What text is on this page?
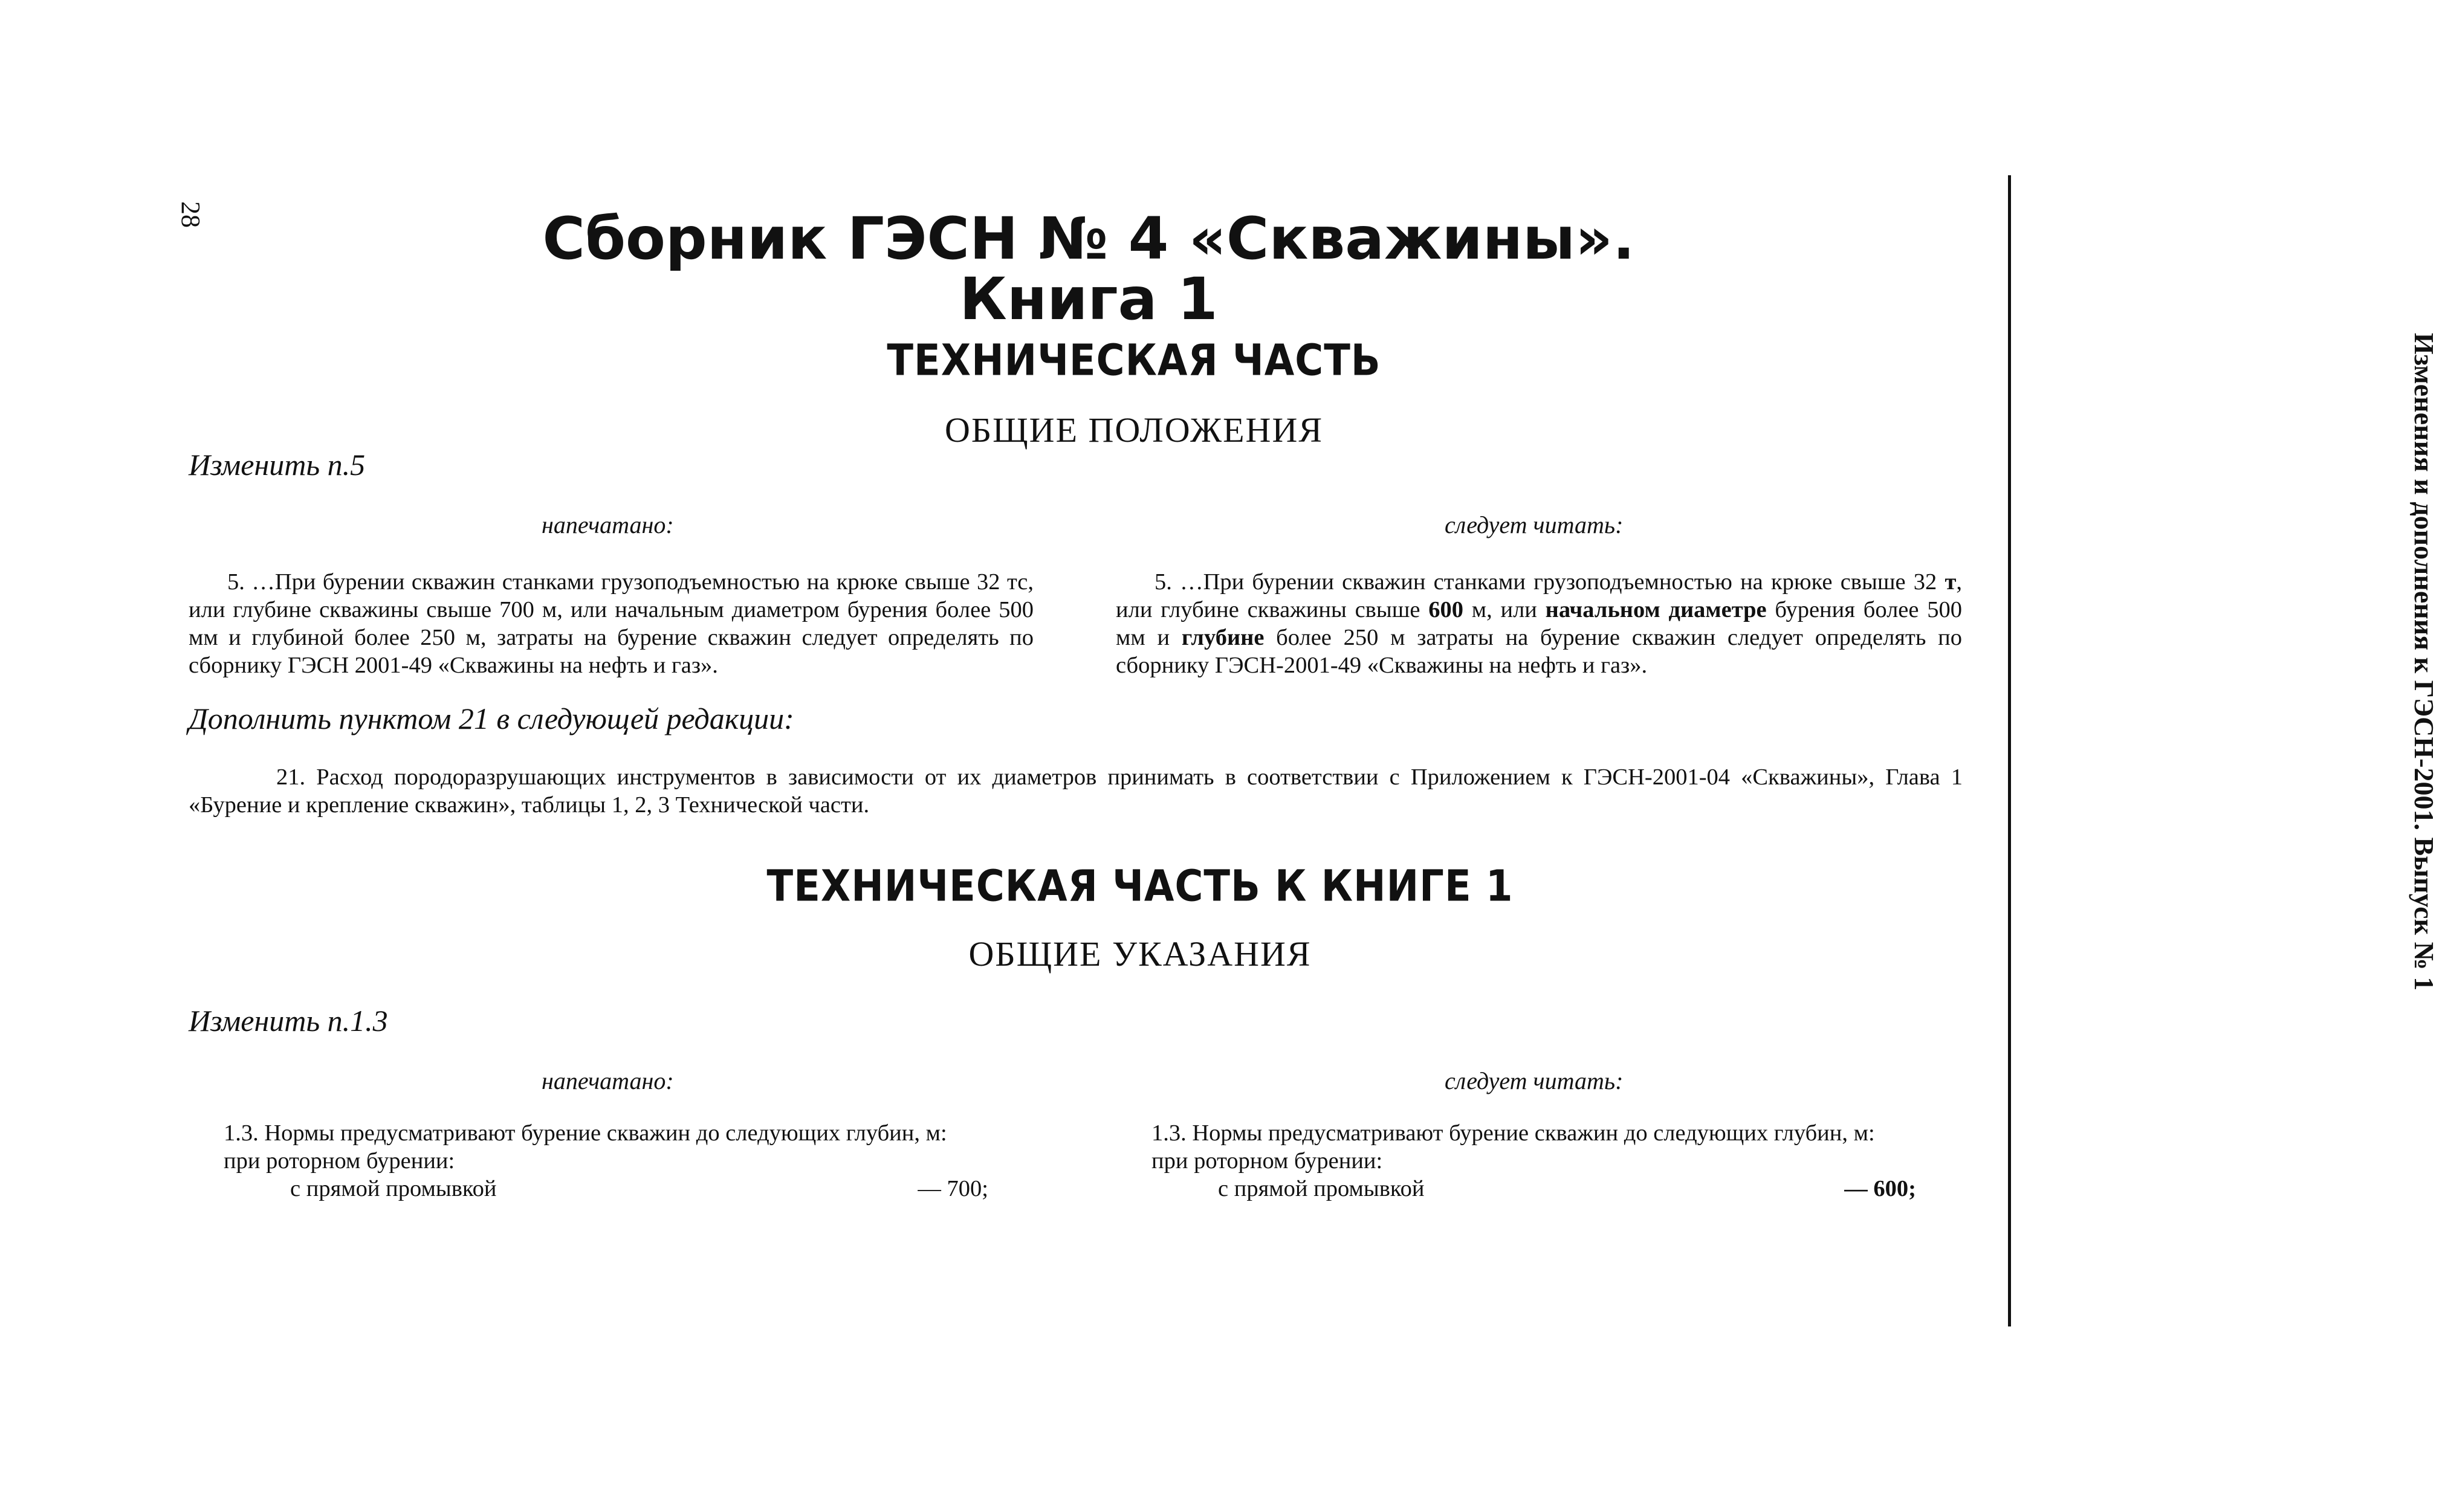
28
Изменения и дополнения к ГЭСН-2001. Выпуск № 1
Сборник ГЭСН № 4 «Скважины».
Книга 1
ТЕХНИЧЕСКАЯ ЧАСТЬ
ОБЩИЕ ПОЛОЖЕНИЯ
Изменить п.5
напечатано:	следует читать:

5. …При бурении скважин станками грузоподъемностью на крюке свыше 32 тс, или глубине скважины свыше 700 м, или начальным диаметром бурения более 500 мм и глубиной более 250 м, затраты на бурение скважин следует определять по сборнику ГЭСН 2001-49 «Скважины на нефть и газ».

5. …При бурении скважин станками грузоподъемностью на крюке свыше 32 т, или глубине скважины свыше 600 м, или начальном диаметре бурения более 500 мм и глубине более 250 м затраты на бурение скважин следует определять по сборнику ГЭСН-2001-49 «Скважины на нефть и газ».

Дополнить пунктом 21 в следующей редакции:

21. Расход породоразрушающих инструментов в зависимости от их диаметров принимать в соответствии с Приложением к ГЭСН-2001-04 «Скважины», Глава 1 «Бурение и крепление скважин», таблицы 1, 2, 3 Технической части.

ТЕХНИЧЕСКАЯ ЧАСТЬ К КНИГЕ 1
ОБЩИЕ УКАЗАНИЯ
Изменить п.1.3
напечатано:	следует читать:
1.3. Нормы предусматривают бурение скважин до следующих глубин, м:
при роторном бурении:
с прямой промывкой	— 700;
1.3. Нормы предусматривают бурение скважин до следующих глубин, м:
при роторном бурении:
с прямой промывкой	— 600;
